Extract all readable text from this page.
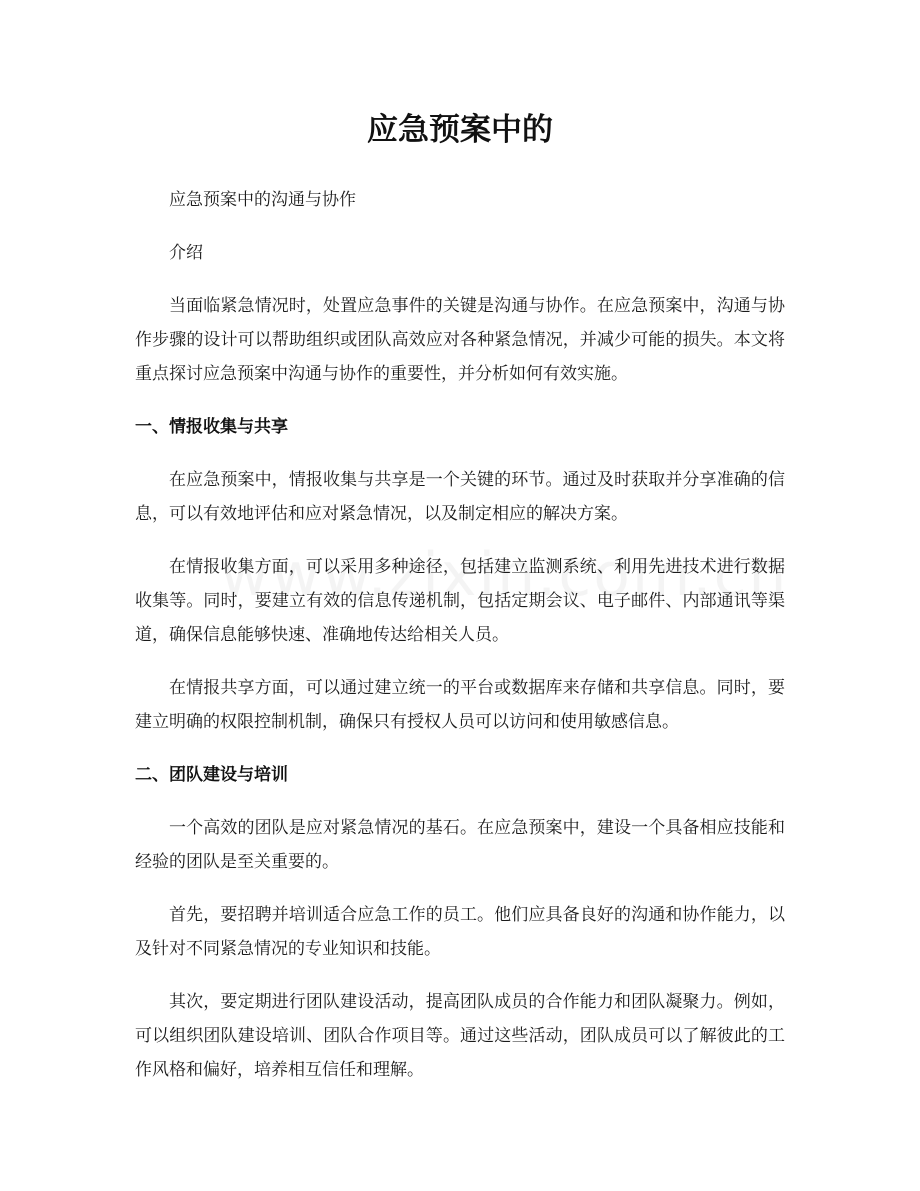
应急预案中的

应急预案中的沟通与协作

介绍

当面临紧急情况时，处置应急事件的关键是沟通与协作。在应急预案中，沟通与协作步骤的设计可以帮助组织或团队高效应对各种紧急情况，并减少可能的损失。本文将重点探讨应急预案中沟通与协作的重要性，并分析如何有效实施。

一、情报收集与共享

在应急预案中，情报收集与共享是一个关键的环节。通过及时获取并分享准确的信息，可以有效地评估和应对紧急情况，以及制定相应的解决方案。

在情报收集方面，可以采用多种途径，包括建立监测系统、利用先进技术进行数据收集等。同时，要建立有效的信息传递机制，包括定期会议、电子邮件、内部通讯等渠道，确保信息能够快速、准确地传达给相关人员。

在情报共享方面，可以通过建立统一的平台或数据库来存储和共享信息。同时，要建立明确的权限控制机制，确保只有授权人员可以访问和使用敏感信息。

二、团队建设与培训

一个高效的团队是应对紧急情况的基石。在应急预案中，建设一个具备相应技能和经验的团队是至关重要的。

首先，要招聘并培训适合应急工作的员工。他们应具备良好的沟通和协作能力，以及针对不同紧急情况的专业知识和技能。

其次，要定期进行团队建设活动，提高团队成员的合作能力和团队凝聚力。例如，可以组织团队建设培训、团队合作项目等。通过这些活动，团队成员可以了解彼此的工作风格和偏好，培养相互信任和理解。
